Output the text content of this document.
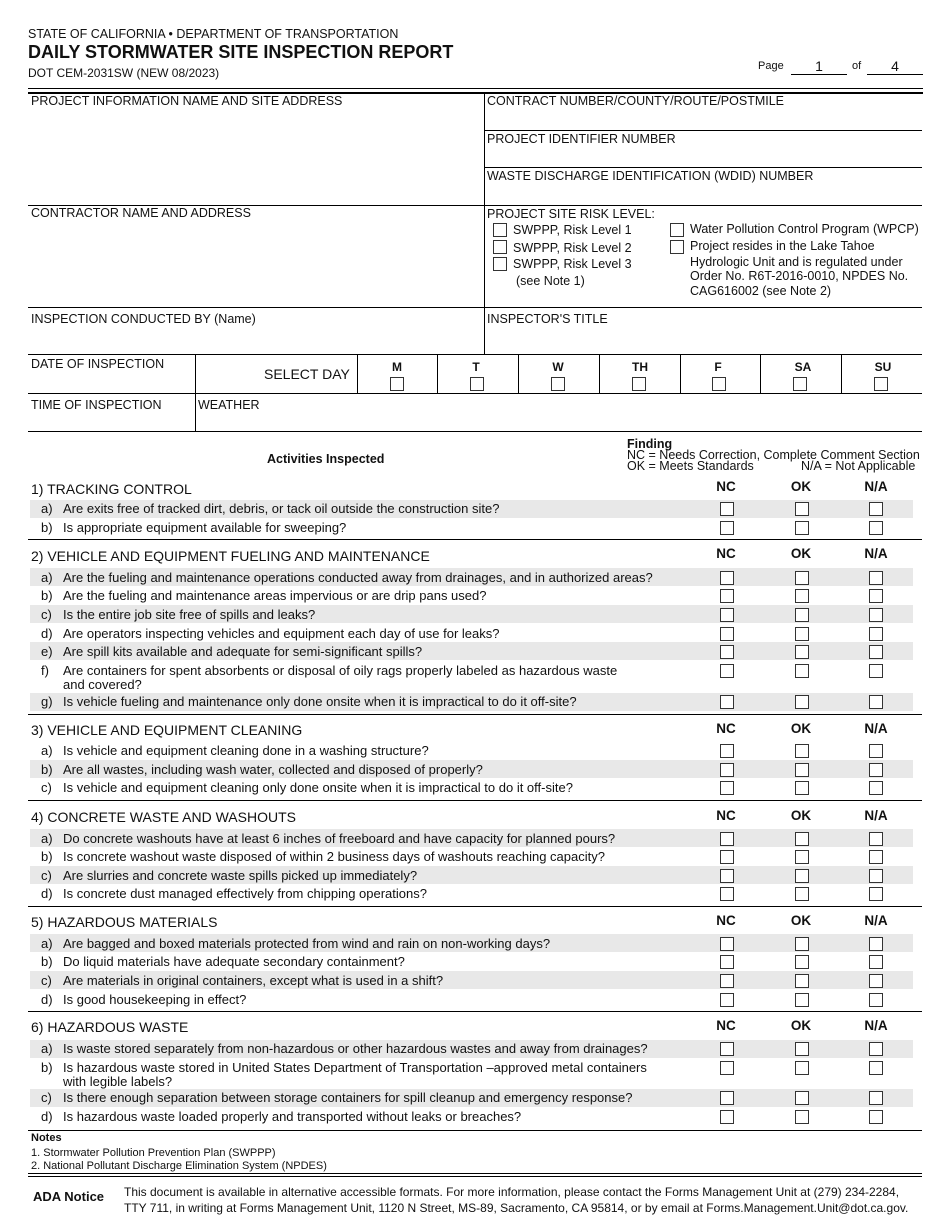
STATE OF CALIFORNIA • DEPARTMENT OF TRANSPORTATION
DAILY STORMWATER SITE INSPECTION REPORT
DOT CEM-2031SW (NEW 08/2023)	Page	1	of	4
PROJECT INFORMATION NAME AND SITE ADDRESS	CONTRACT NUMBER/COUNTY/ROUTE/POSTMILE
PROJECT IDENTIFIER NUMBER
WASTE DISCHARGE IDENTIFICATION (WDID) NUMBER
CONTRACTOR NAME AND ADDRESS	PROJECT SITE RISK LEVEL:
SWPPP, Risk Level 1
SWPPP, Risk Level 2
SWPPP, Risk Level 3
(see Note 1)
Water Pollution Control Program (WPCP)
Project resides in the Lake Tahoe
Hydrologic Unit and is regulated under
Order No. R6T-2016-0010, NPDES No.
CAG616002 (see Note 2)
INSPECTION CONDUCTED BY (Name)	INSPECTOR'S TITLE
DATE OF INSPECTION
SELECT DAY	M	T	W	TH	F	SA	SU
TIME OF INSPECTION	WEATHER
Activities Inspected
Finding
NC = Needs Correction, Complete Comment Section
OK = Meets Standards	N/A = Not Applicable
1) TRACKING CONTROL	NC	OK	N/A
a) Are exits free of tracked dirt, debris, or tack oil outside the construction site?
b) Is appropriate equipment available for sweeping?
2) VEHICLE AND EQUIPMENT FUELING AND MAINTENANCE	NC	OK	N/A
a) Are the fueling and maintenance operations conducted away from drainages, and in authorized areas?
b) Are the fueling and maintenance areas impervious or are drip pans used?
c) Is the entire job site free of spills and leaks?
d) Are operators inspecting vehicles and equipment each day of use for leaks?
e) Are spill kits available and adequate for semi-significant spills?
f) Are containers for spent absorbents or disposal of oily rags properly labeled as hazardous waste
and covered?
g) Is vehicle fueling and maintenance only done onsite when it is impractical to do it off-site?
3) VEHICLE AND EQUIPMENT CLEANING	NC	OK	N/A
a) Is vehicle and equipment cleaning done in a washing structure?
b) Are all wastes, including wash water, collected and disposed of properly?
c) Is vehicle and equipment cleaning only done onsite when it is impractical to do it off-site?
4) CONCRETE WASTE AND WASHOUTS	NC	OK	N/A
a) Do concrete washouts have at least 6 inches of freeboard and have capacity for planned pours?
b) Is concrete washout waste disposed of within 2 business days of washouts reaching capacity?
c) Are slurries and concrete waste spills picked up immediately?
d) Is concrete dust managed effectively from chipping operations?
5) HAZARDOUS MATERIALS	NC	OK	N/A
a) Are bagged and boxed materials protected from wind and rain on non-working days?
b) Do liquid materials have adequate secondary containment?
c) Are materials in original containers, except what is used in a shift?
d) Is good housekeeping in effect?
6) HAZARDOUS WASTE	NC	OK	N/A
a) Is waste stored separately from non-hazardous or other hazardous wastes and away from drainages?
b) Is hazardous waste stored in United States Department of Transportation –approved metal containers
with legible labels?
c) Is there enough separation between storage containers for spill cleanup and emergency response?
d) Is hazardous waste loaded properly and transported without leaks or breaches?
Notes
1. Stormwater Pollution Prevention Plan (SWPPP)
2. National Pollutant Discharge Elimination System (NPDES)
ADA Notice This document is available in alternative accessible formats. For more information, please contact the Forms Management Unit at (279) 234-2284,
TTY 711, in writing at Forms Management Unit, 1120 N Street, MS-89, Sacramento, CA 95814, or by email at Forms.Management.Unit@dot.ca.gov.
